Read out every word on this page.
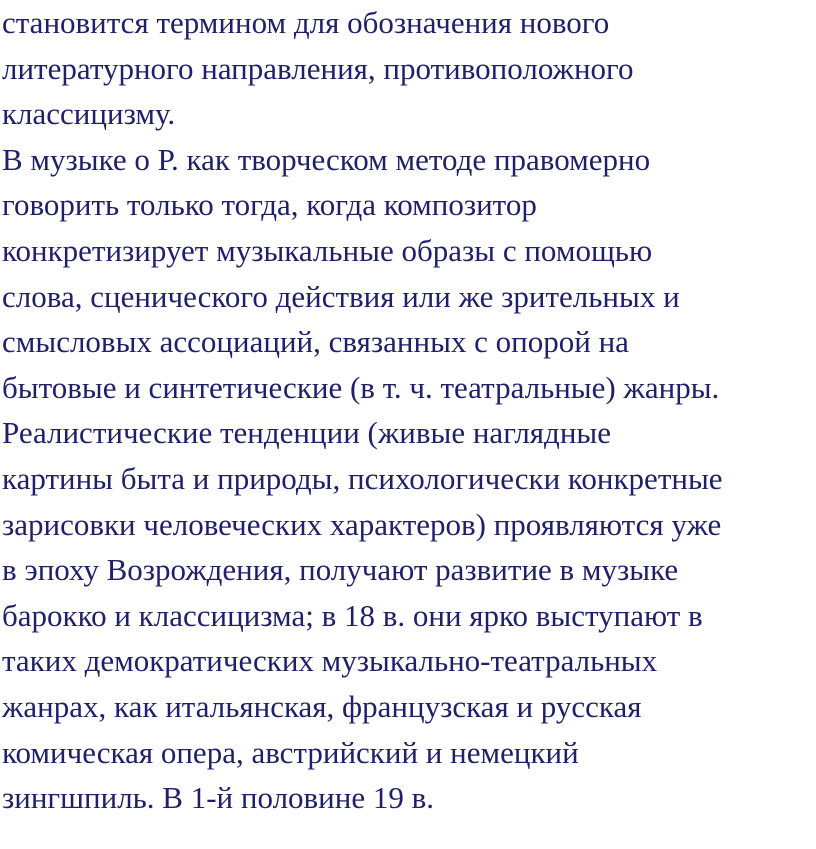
становится термином для обозначения нового
литературного направления, противоположного
классицизму.
В музыке о Р. как творческом методе правомерно
говорить только тогда, когда композитор
конкретизирует музыкальные образы с помощью
слова, сценического действия или же зрительных и
смысловых ассоциаций, связанных с опорой на
бытовые и синтетические (в т. ч. театральные) жанры.
Реалистические тенденции (живые наглядные
картины быта и природы, психологически конкретные
зарисовки человеческих характеров) проявляются уже
в эпоху Возрождения, получают развитие в музыке
барокко и классицизма; в 18 в. они ярко выступают в
таких демократических музыкально-театральных
жанрах, как итальянская, французская и русская
комическая опера, австрийский и немецкий
зингшпиль. В 1-й половине 19 в.
